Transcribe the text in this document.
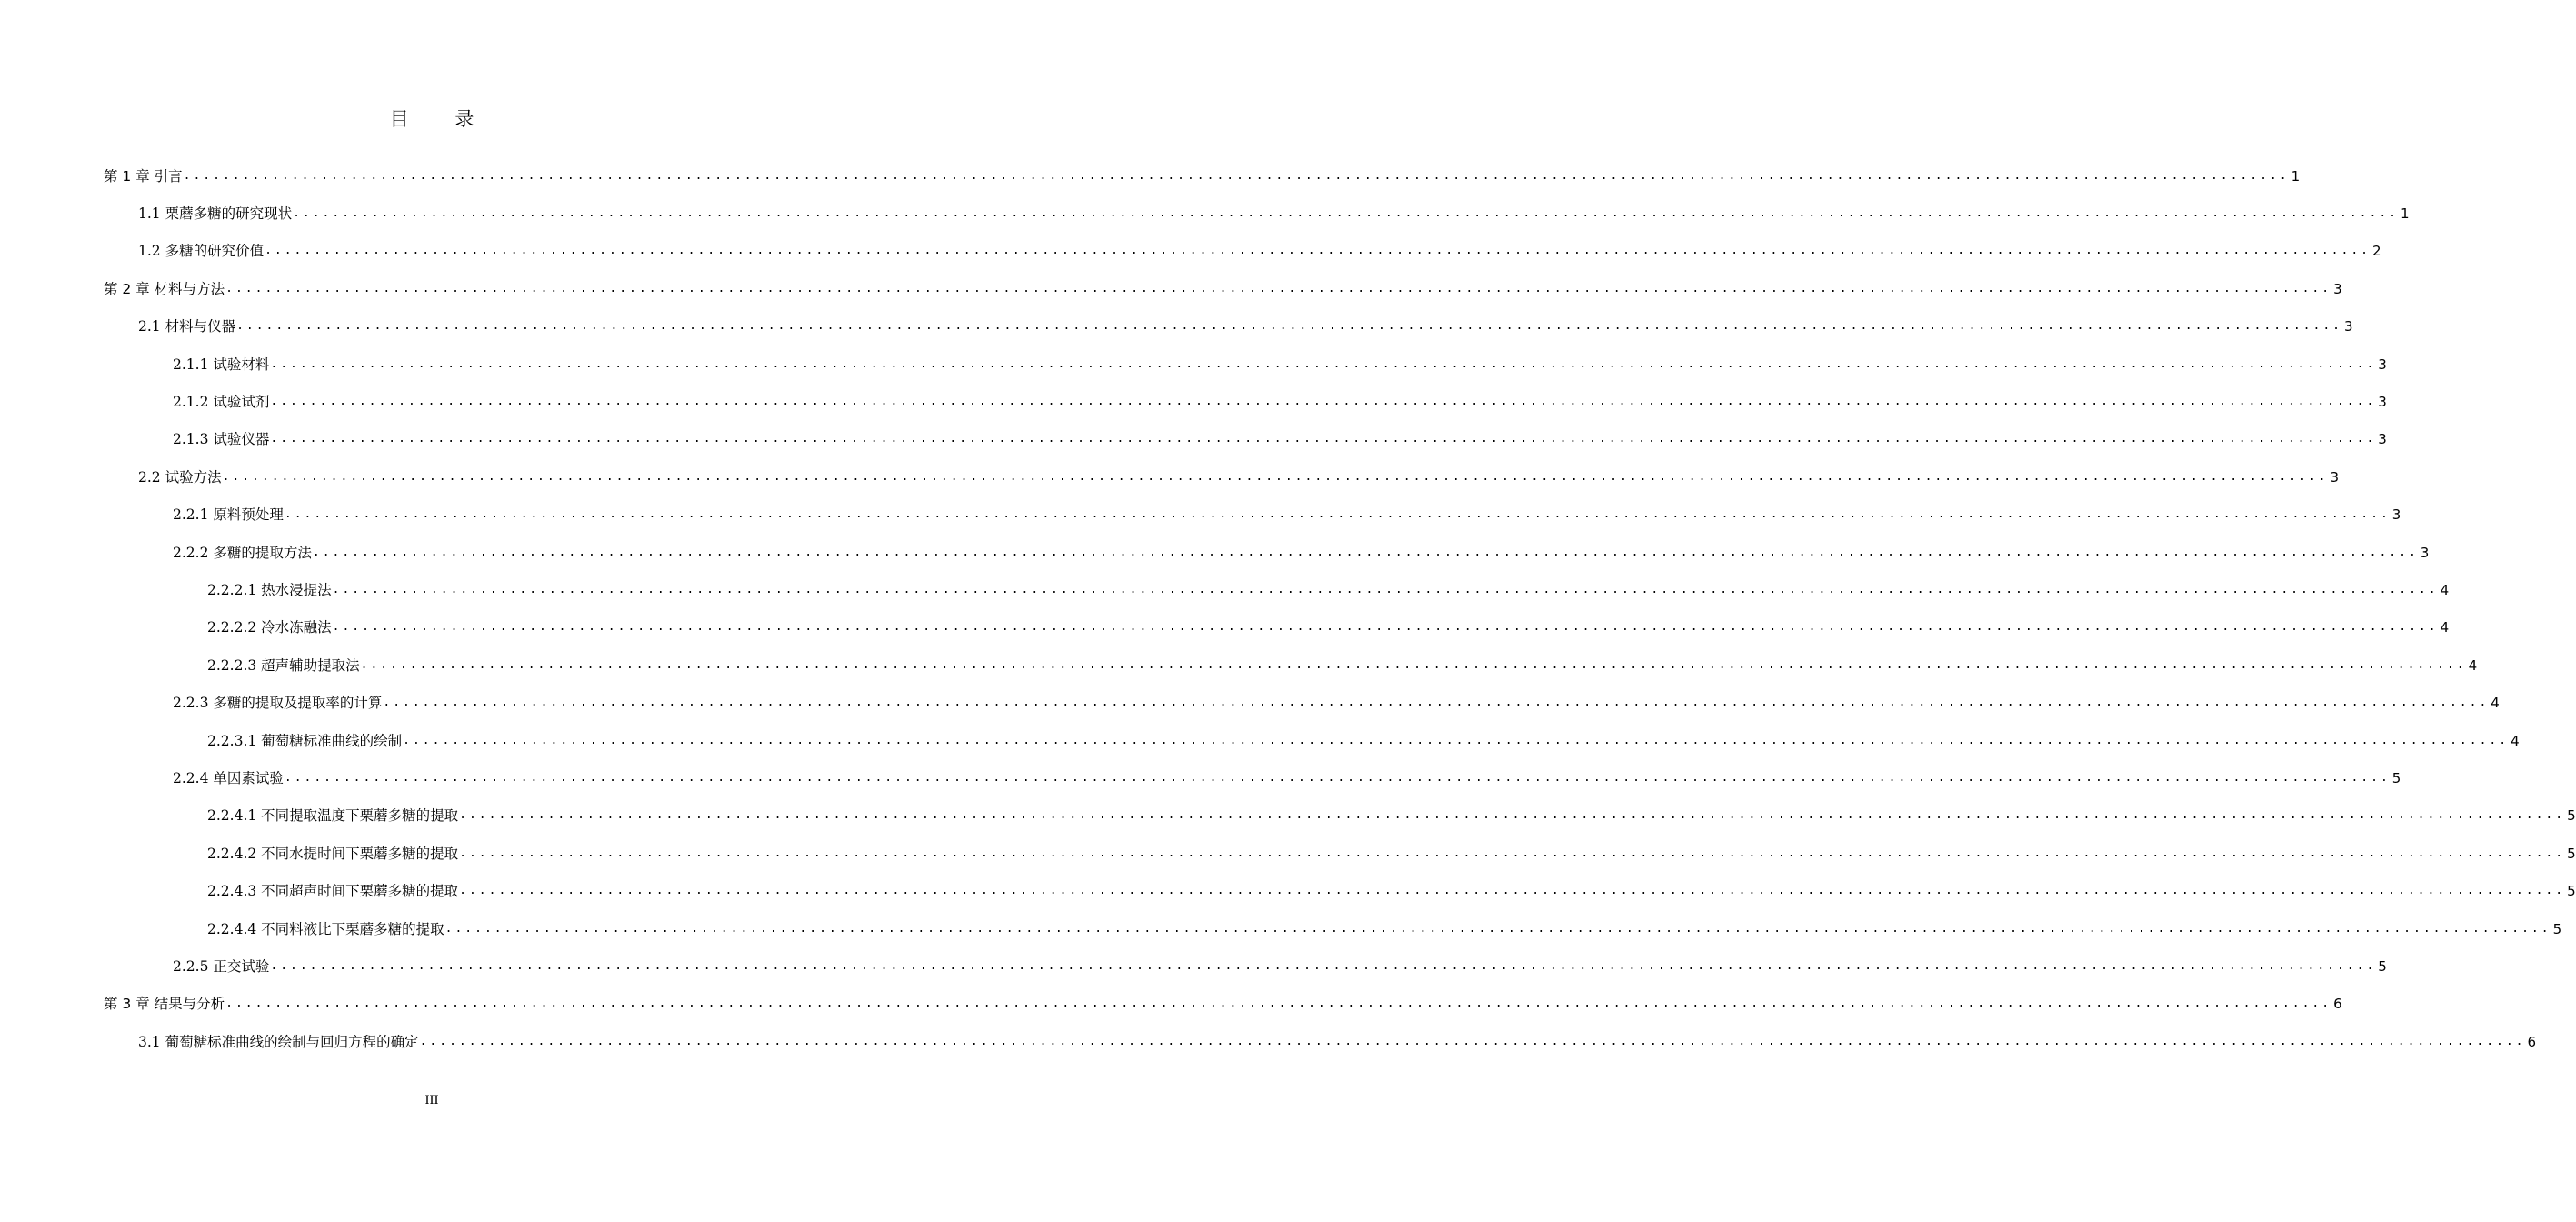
目 录
第 1 章 引言 ...................................................................................................................................................................................................................... 1
1.1 栗蘑多糖的研究现状 ...................................................................................................................................................................................................................... 1
1.2 多糖的研究价值 ...................................................................................................................................................................................................................... 2
第 2 章 材料与方法 ...................................................................................................................................................................................................................... 3
2.1 材料与仪器 ...................................................................................................................................................................................................................... 3
2.1.1 试验材料 ...................................................................................................................................................................................................................... 3
2.1.2 试验试剂 ...................................................................................................................................................................................................................... 3
2.1.3 试验仪器 ...................................................................................................................................................................................................................... 3
2.2 试验方法 ...................................................................................................................................................................................................................... 3
2.2.1 原料预处理 ...................................................................................................................................................................................................................... 3
2.2.2 多糖的提取方法 ...................................................................................................................................................................................................................... 3
2.2.2.1 热水浸提法 ...................................................................................................................................................................................................................... 4
2.2.2.2 冷水冻融法 ...................................................................................................................................................................................................................... 4
2.2.2.3 超声辅助提取法 ...................................................................................................................................................................................................................... 4
2.2.3 多糖的提取及提取率的计算 ...................................................................................................................................................................................................................... 4
2.2.3.1 葡萄糖标准曲线的绘制 ...................................................................................................................................................................................................................... 4
2.2.4 单因素试验 ...................................................................................................................................................................................................................... 5
2.2.4.1 不同提取温度下栗蘑多糖的提取 ...................................................................................................................................................................................................................... 5
2.2.4.2 不同水提时间下栗蘑多糖的提取 ...................................................................................................................................................................................................................... 5
2.2.4.3 不同超声时间下栗蘑多糖的提取 ...................................................................................................................................................................................................................... 5
2.2.4.4 不同料液比下栗蘑多糖的提取 ...................................................................................................................................................................................................................... 5
2.2.5 正交试验 ...................................................................................................................................................................................................................... 5
第 3 章 结果与分析 ...................................................................................................................................................................................................................... 6
3.1 葡萄糖标准曲线的绘制与回归方程的确定 ...................................................................................................................................................................................................................... 6
III
